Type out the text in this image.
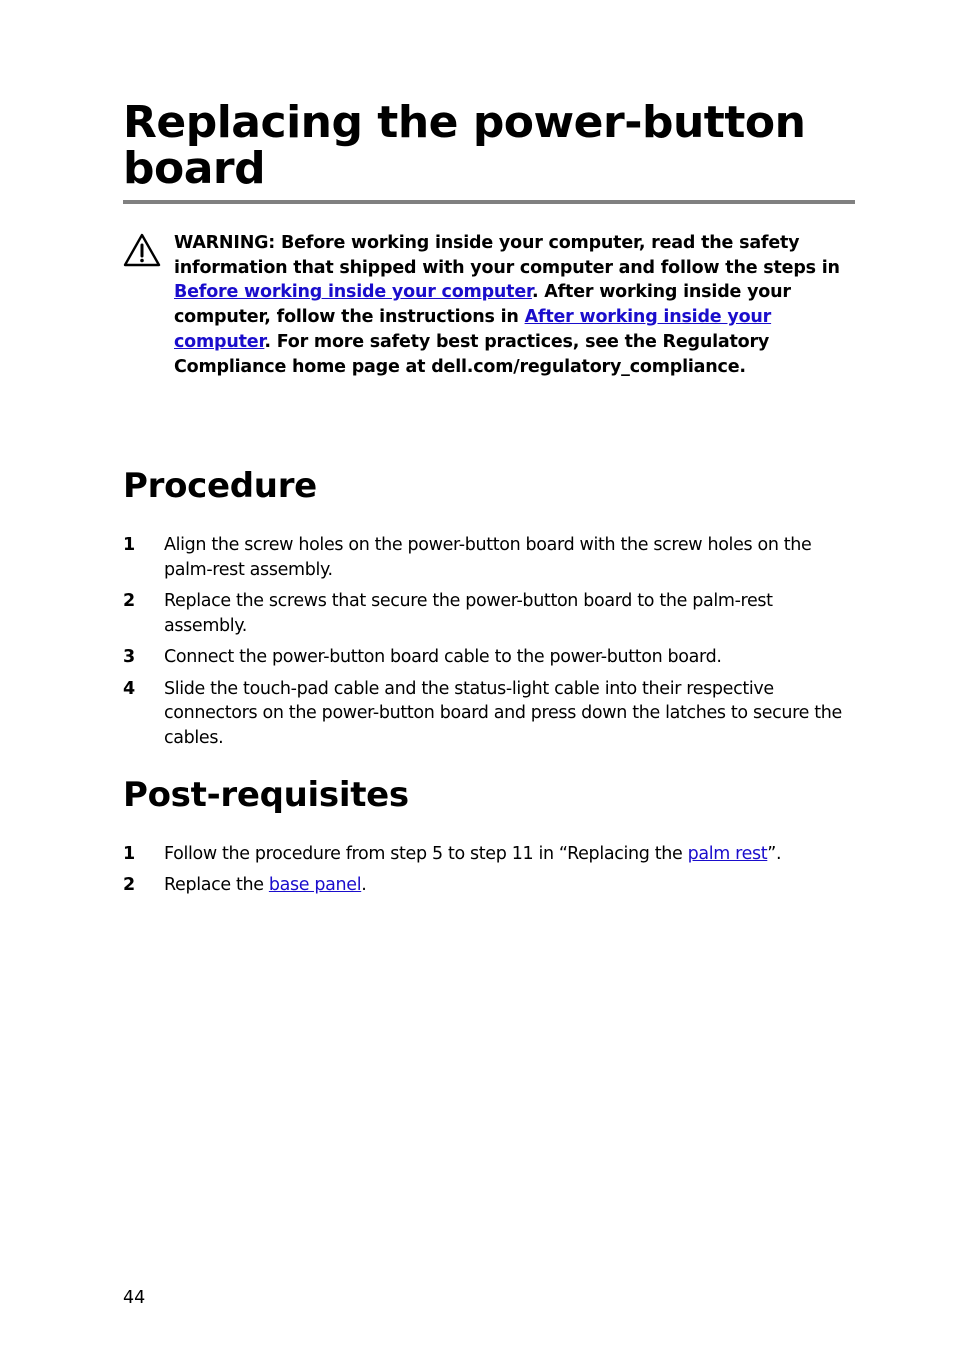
Replacing the power-button board

WARNING: Before working inside your computer, read the safety information that shipped with your computer and follow the steps in Before working inside your computer. After working inside your computer, follow the instructions in After working inside your computer. For more safety best practices, see the Regulatory Compliance home page at dell.com/regulatory_compliance.

Procedure
1 Align the screw holes on the power-button board with the screw holes on the palm-rest assembly.
2 Replace the screws that secure the power-button board to the palm-rest assembly.
3 Connect the power-button board cable to the power-button board.
4 Slide the touch-pad cable and the status-light cable into their respective connectors on the power-button board and press down the latches to secure the cables.
Post-requisites
1 Follow the procedure from step 5 to step 11 in “Replacing the palm rest”.
2 Replace the base panel.
44
